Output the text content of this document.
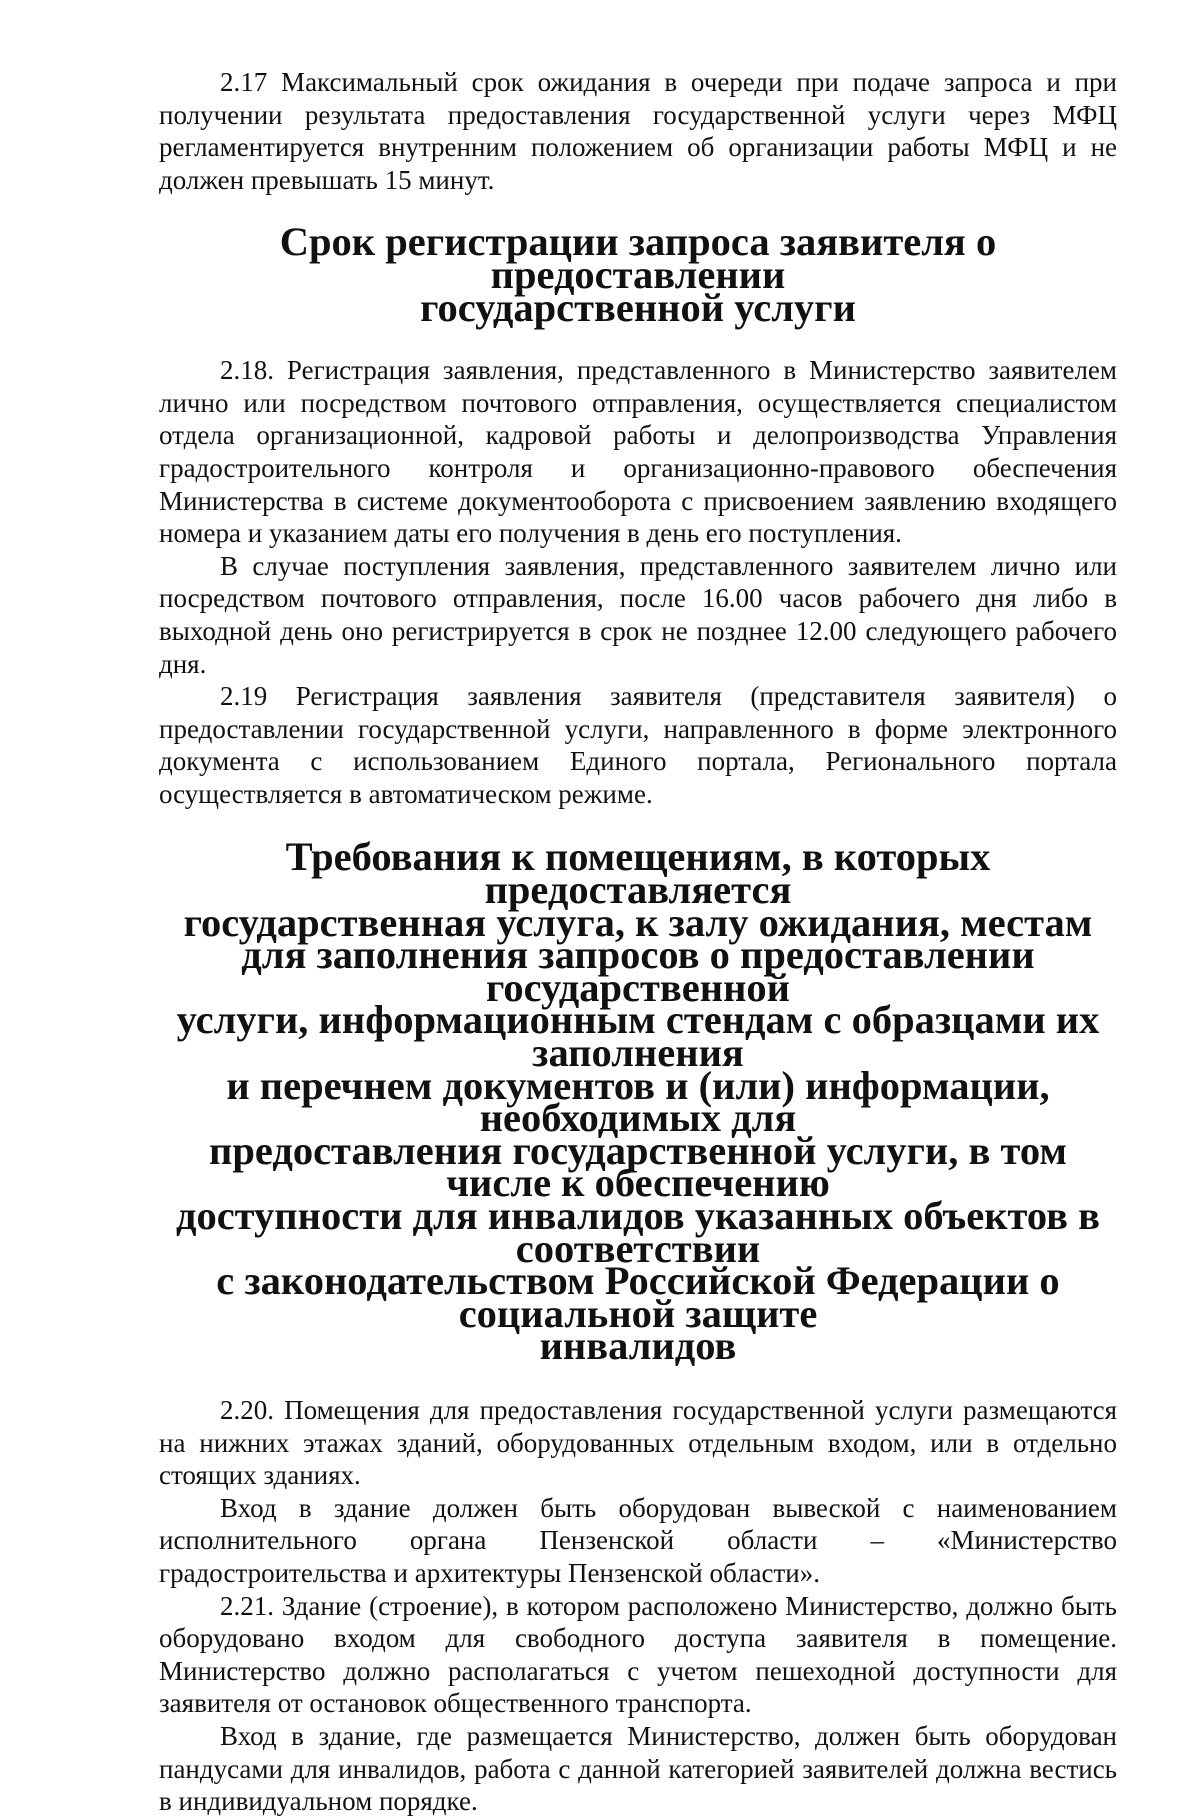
2.17 Максимальный срок ожидания в очереди при подаче запроса и при получении результата предоставления государственной услуги через МФЦ регламентируется внутренним положением об организации работы МФЦ и не должен превышать 15 минут.

Срок регистрации запроса заявителя о предоставлении
государственной услуги

2.18. Регистрация заявления, представленного в Министерство заявителем лично или посредством почтового отправления, осуществляется специалистом отдела организационной, кадровой работы и делопроизводства Управления градостроительного контроля и организационно-правового обеспечения Министерства в системе документооборота с присвоением заявлению входящего номера и указанием даты его получения в день его поступления.

В случае поступления заявления, представленного заявителем лично или посредством почтового отправления, после 16.00 часов рабочего дня либо в выходной день оно регистрируется в срок не позднее 12.00 следующего рабочего дня.

2.19 Регистрация заявления заявителя (представителя заявителя) о предоставлении государственной услуги, направленного в форме электронного документа с использованием Единого портала, Регионального портала осуществляется в автоматическом режиме.

Требования к помещениям, в которых предоставляется
государственная услуга, к залу ожидания, местам
для заполнения запросов о предоставлении государственной
услуги, информационным стендам с образцами их заполнения
и перечнем документов и (или) информации, необходимых для
предоставления государственной услуги, в том числе к обеспечению
доступности для инвалидов указанных объектов в соответствии
с законодательством Российской Федерации о социальной защите
инвалидов

2.20. Помещения для предоставления государственной услуги размещаются на нижних этажах зданий, оборудованных отдельным входом, или в отдельно стоящих зданиях.

Вход в здание должен быть оборудован вывеской с наименованием исполнительного органа Пензенской области – «Министерство градостроительства и архитектуры Пензенской области».

2.21. Здание (строение), в котором расположено Министерство, должно быть оборудовано входом для свободного доступа заявителя в помещение. Министерство должно располагаться с учетом пешеходной доступности для заявителя от остановок общественного транспорта.

Вход в здание, где размещается Министерство, должен быть оборудован пандусами для инвалидов, работа с данной категорией заявителей должна вестись в индивидуальном порядке.
